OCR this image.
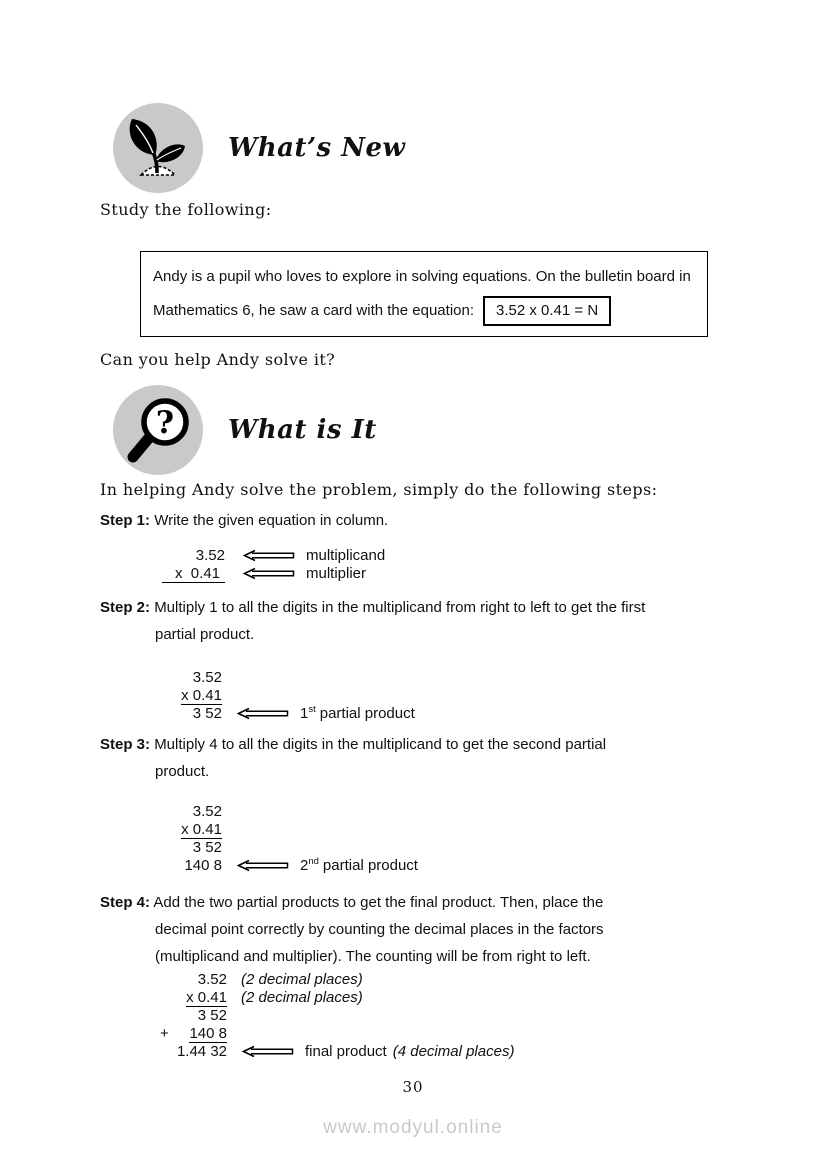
What’s New
Study the following:
Andy is a pupil who loves to explore in solving equations. On the bulletin board in
Mathematics 6, he saw a card with the equation: 3.52 x 0.41 = N
Can you help Andy solve it?
? What is It
In helping Andy solve the problem, simply do the following steps:
Step 1: Write the given equation in column.
3.52	multiplicand
x  0.41	multiplier
Step 2: Multiply 1 to all the digits in the multiplicand from right to left to get the first
partial product.
3.52
x 0.41
3 52	1st partial product
Step 3: Multiply 4 to all the digits in the multiplicand to get the second partial
product.
3.52
x 0.41
3 52
140 8	2nd partial product
Step 4: Add the two partial products to get the final product. Then, place the
decimal point correctly by counting the decimal places in the factors
(multiplicand and multiplier). The counting will be from right to left.
3.52 (2 decimal places)
x 0.41 (2 decimal places)
3 52
+	140 8
1.44 32	final product (4 decimal places)
30
www.modyul.online
